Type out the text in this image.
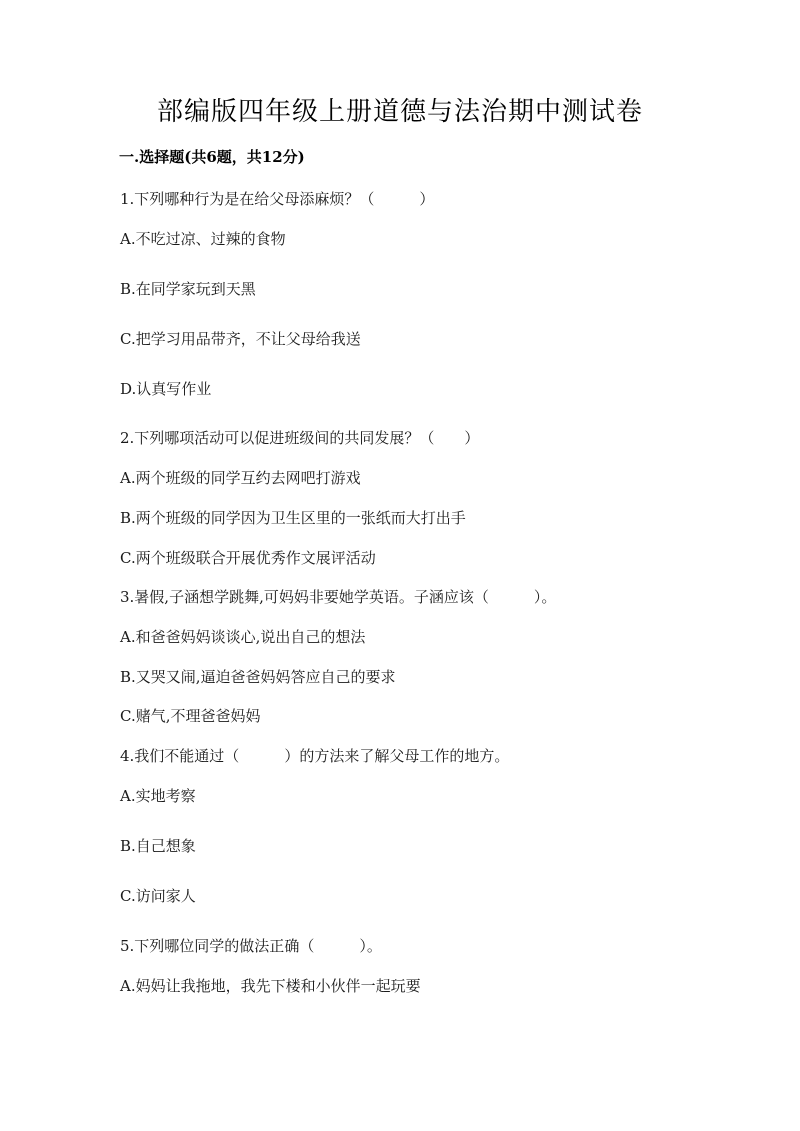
部编版四年级上册道德与法治期中测试卷
一.选择题(共6题，共12分)
1.下列哪种行为是在给父母添麻烦？（　　　）
A.不吃过凉、过辣的食物
B.在同学家玩到天黑
C.把学习用品带齐，不让父母给我送
D.认真写作业
2.下列哪项活动可以促进班级间的共同发展？（　　）
A.两个班级的同学互约去网吧打游戏
B.两个班级的同学因为卫生区里的一张纸而大打出手
C.两个班级联合开展优秀作文展评活动
3.暑假,子涵想学跳舞,可妈妈非要她学英语。子涵应该（　　　）。
A.和爸爸妈妈谈谈心,说出自己的想法
B.又哭又闹,逼迫爸爸妈妈答应自己的要求
C.赌气,不理爸爸妈妈
4.我们不能通过（　　　）的方法来了解父母工作的地方。
A.实地考察
B.自己想象
C.访问家人
5.下列哪位同学的做法正确（　　　）。
A.妈妈让我拖地，我先下楼和小伙伴一起玩要
